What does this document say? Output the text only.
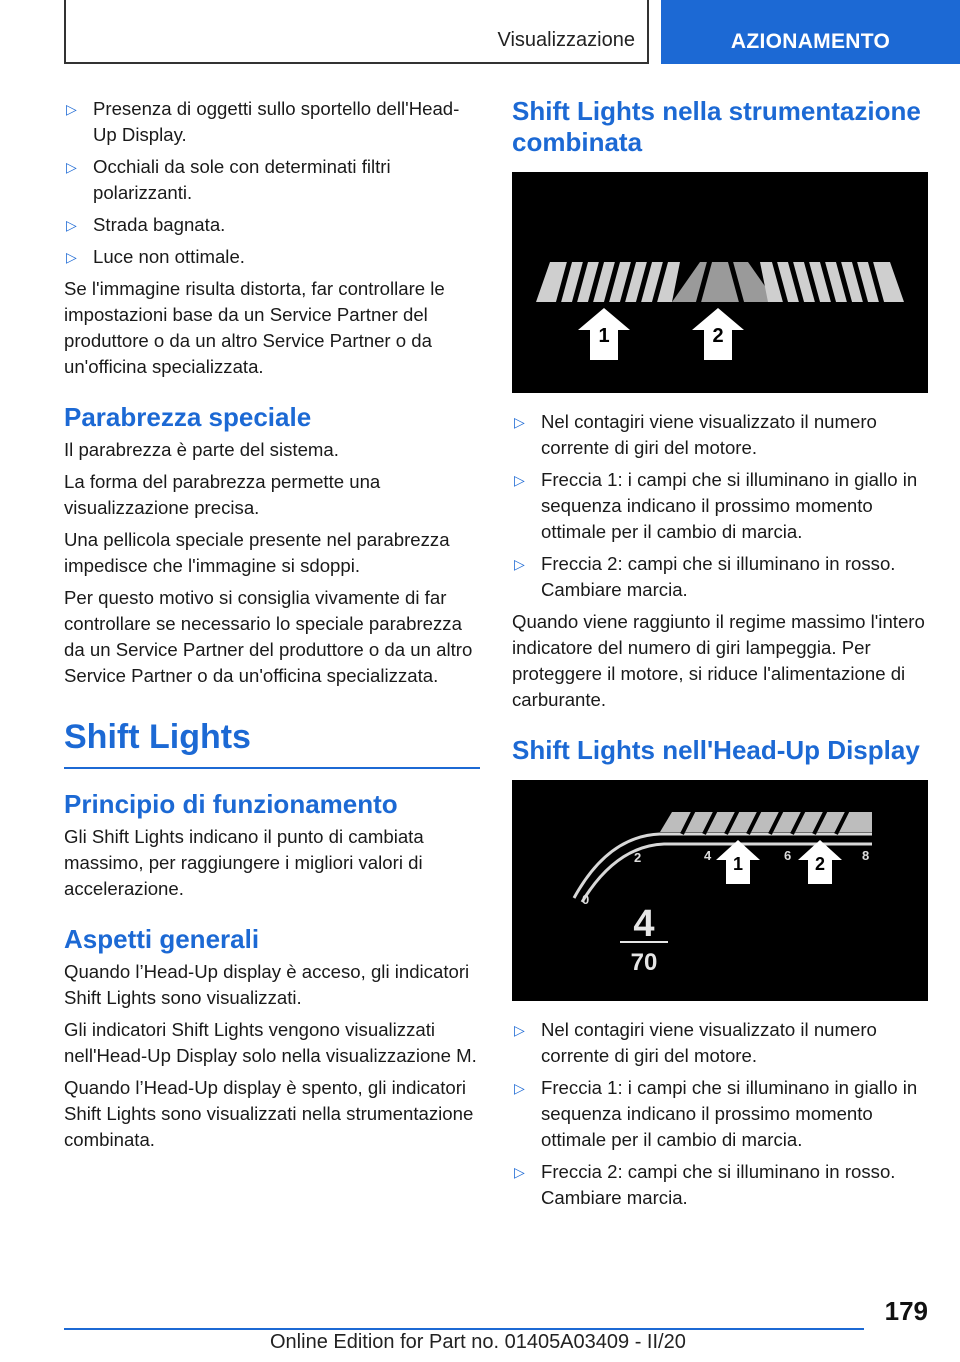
Visualizzazione	AZIONAMENTO
▷ Presenza di oggetti sullo sportello dell'Head-Up Display.
▷ Occhiali da sole con determinati filtri polarizzanti.
▷ Strada bagnata.
▷ Luce non ottimale.

Se l'immagine risulta distorta, far controllare le impostazioni base da un Service Partner del produttore o da un altro Service Partner o da un'officina specializzata.

Parabrezza speciale

Il parabrezza è parte del sistema.

La forma del parabrezza permette una visualizzazione precisa.

Una pellicola speciale presente nel parabrezza impedisce che l'immagine si sdoppi.

Per questo motivo si consiglia vivamente di far controllare se necessario lo speciale parabrezza da un Service Partner del produttore o da un altro Service Partner o da un'officina specializzata.

Shift Lights
Principio di funzionamento

Gli Shift Lights indicano il punto di cambiata massimo, per raggiungere i migliori valori di accelerazione.

Aspetti generali

Quando l’Head-Up display è acceso, gli indicatori Shift Lights sono visualizzati.

Gli indicatori Shift Lights vengono visualizzati nell'Head-Up Display solo nella visualizzazione M.

Quando l’Head-Up display è spento, gli indicatori Shift Lights sono visualizzati nella strumentazione combinata.

Shift Lights nella strumentazione combinata
1	2
▷ Nel contagiri viene visualizzato il numero corrente di giri del motore.
▷ Freccia 1: i campi che si illuminano in giallo in sequenza indicano il prossimo momento ottimale per il cambio di marcia.
▷ Freccia 2: campi che si illuminano in rosso. Cambiare marcia.

Quando viene raggiunto il regime massimo l'intero indicatore del numero di giri lampeggia. Per proteggere il motore, si riduce l'alimentazione di carburante.

Shift Lights nell'Head-Up Display
0
2	4	6	8
1	2
4
70
▷ Nel contagiri viene visualizzato il numero corrente di giri del motore.
▷ Freccia 1: i campi che si illuminano in giallo in sequenza indicano il prossimo momento ottimale per il cambio di marcia.
▷ Freccia 2: campi che si illuminano in rosso. Cambiare marcia.
179
Online Edition for Part no. 01405A03409 - II/20
